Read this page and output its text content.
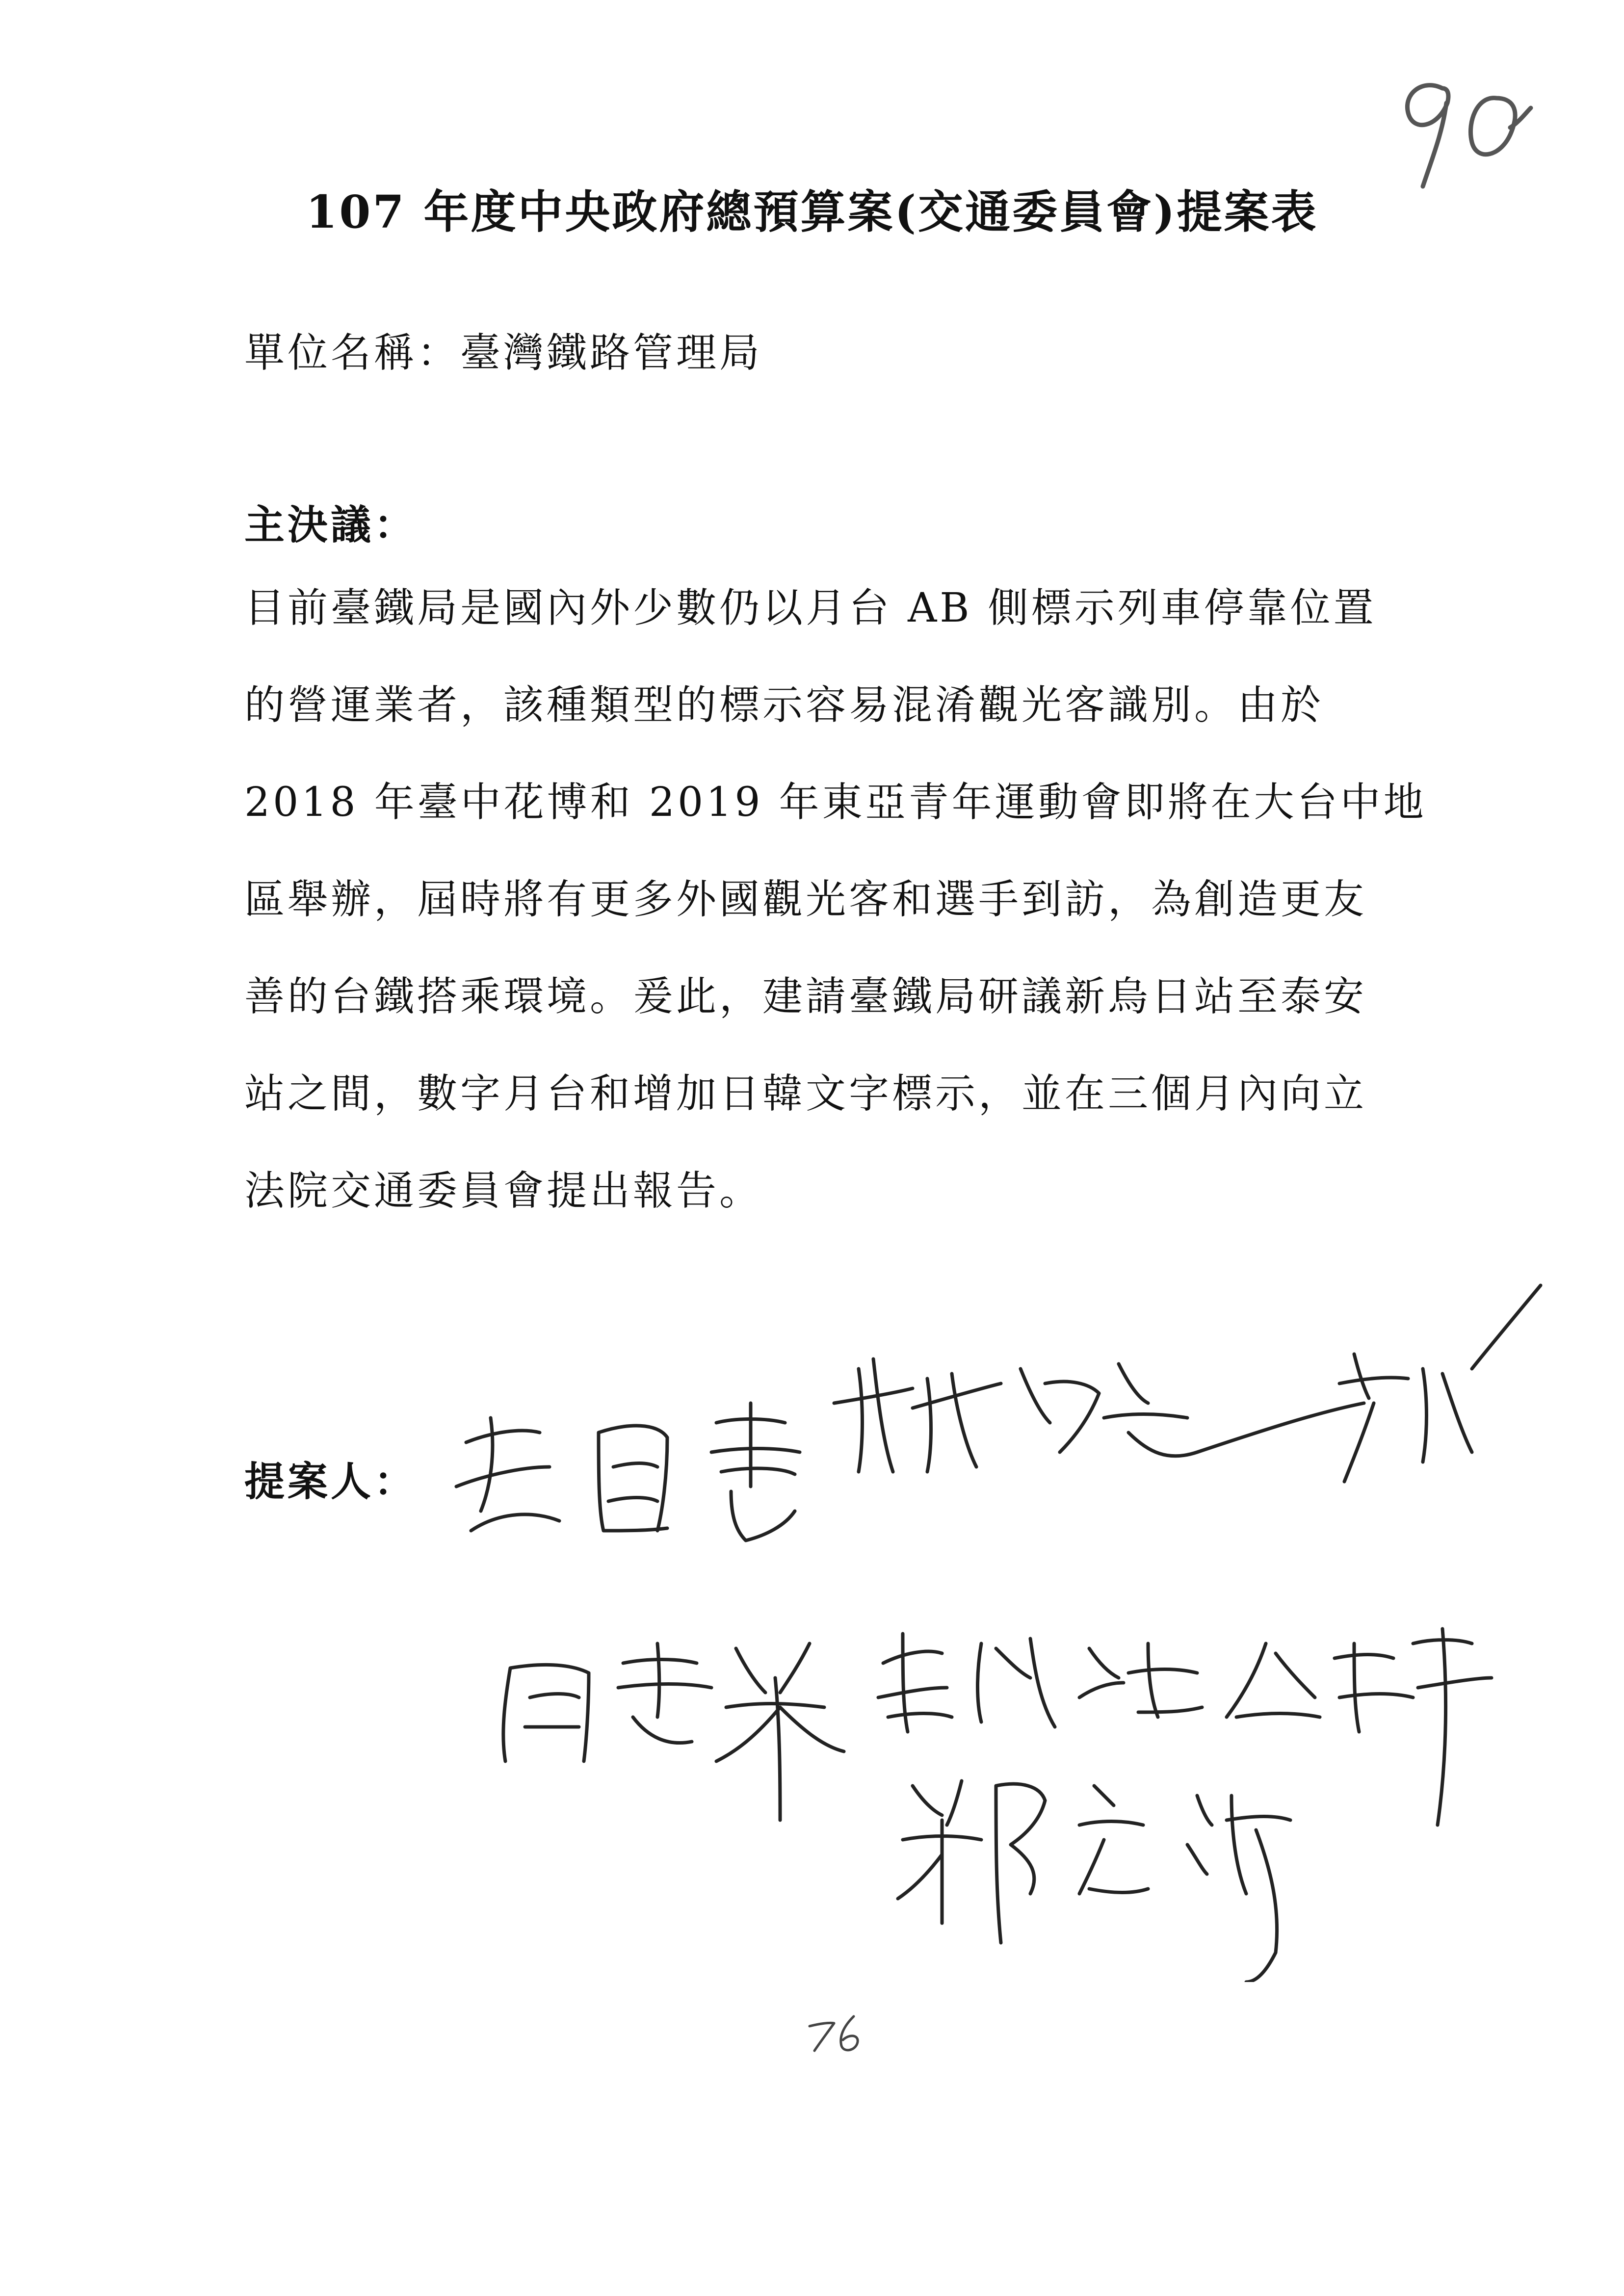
107 年度中央政府總預算案(交通委員會)提案表
單位名稱：臺灣鐵路管理局
主決議：
目前臺鐵局是國內外少數仍以月台 AB 側標示列車停靠位置
的營運業者，該種類型的標示容易混淆觀光客識別。由於
2018 年臺中花博和 2019 年東亞青年運動會即將在大台中地
區舉辦，屆時將有更多外國觀光客和選手到訪，為創造更友
善的台鐵搭乘環境。爰此，建請臺鐵局研議新烏日站至泰安
站之間，數字月台和增加日韓文字標示，並在三個月內向立
法院交通委員會提出報告。
提案人：
